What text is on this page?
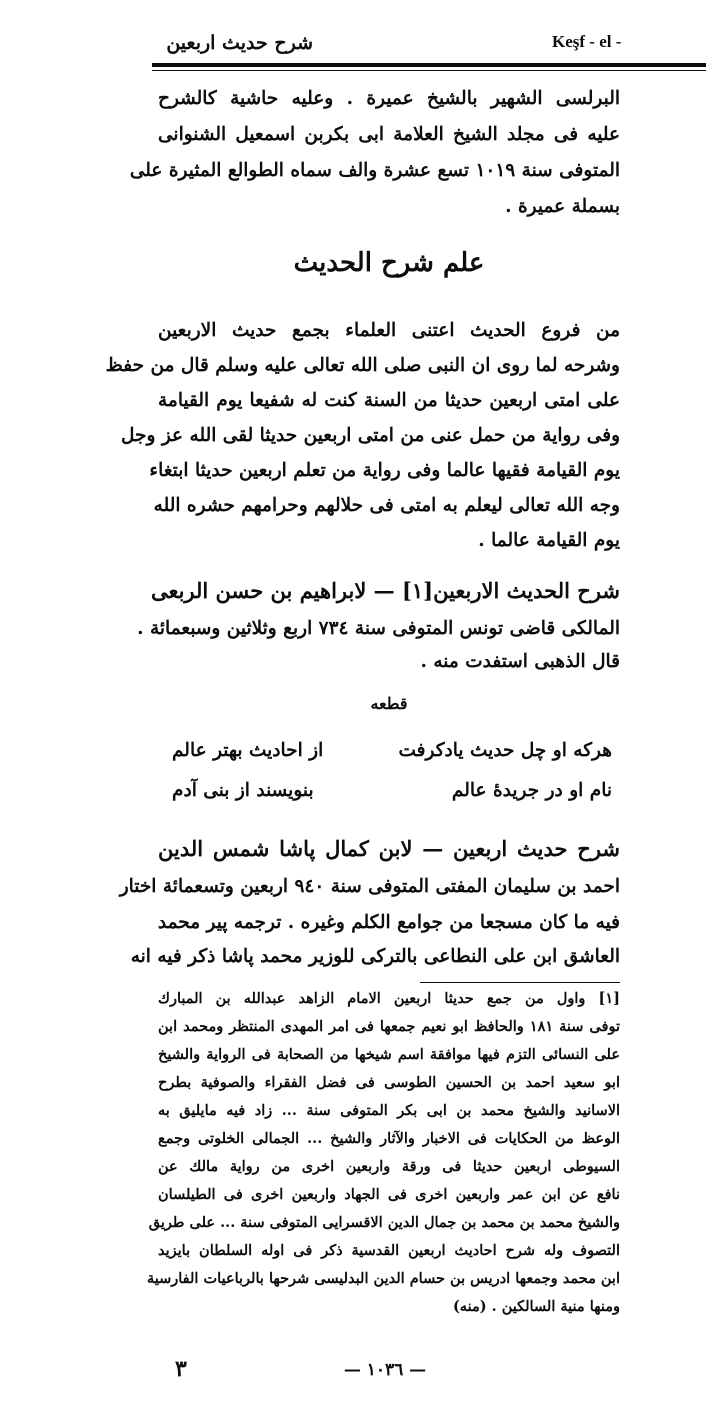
شرح حديث اربعين	Keşf - el -
البرلسى الشهير بالشيخ عميرة . وعليه حاشية كالشرح
عليه فى مجلد الشيخ العلامة ابى بكربن اسمعيل الشنوانى
المتوفى سنة ١٠١٩ تسع عشرة والف سماه الطوالع المثيرة على
بسملة عميرة .
علم شرح الحديث
من فروع الحديث اعتنى العلماء بجمع حديث الاربعين
وشرحه لما روى ان النبى صلى الله تعالى عليه وسلم قال من حفظ
على امتى اربعين حديثا من السنة كنت له شفيعا يوم القيامة
وفى رواية من حمل عنى من امتى اربعين حديثا لقى الله عز وجل
يوم القيامة فقيها عالما وفى رواية من تعلم اربعين حديثا ابتغاء
وجه الله تعالى ليعلم به امتى فى حلالهم وحرامهم حشره الله
يوم القيامة عالما .
شرح الحديث الاربعين[١] — لابراهيم بن حسن الربعى
المالكى قاضى تونس المتوفى سنة ٧٣٤ اربع وثلاثين وسبعمائة .
قال الذهبى استفدت منه .
قطعه
هركه او چل حديث يادكرفت
از احاديث بهتر عالم
نام او در جريدهٔ عالم
بنويسند از بنى آدم
شرح حديث اربعين — لابن كمال پاشا شمس الدين
احمد بن سليمان المفتى المتوفى سنة ٩٤٠ اربعين وتسعمائة اختار
فيه ما كان مسجعا من جوامع الكلم وغيره . ترجمه پير محمد
العاشق ابن على النطاعى بالتركى للوزير محمد پاشا ذكر فيه انه
[١] واول من جمع حديثا اربعين الامام الزاهد عبدالله بن المبارك
توفى سنة ١٨١ والحافظ ابو نعيم جمعها فى امر المهدى المنتظر ومحمد ابن
على النسائى التزم فيها موافقة اسم شيخها من الصحابة فى الرواية والشيخ
ابو سعيد احمد بن الحسين الطوسى فى فضل الفقراء والصوفية بطرح
الاسانيد والشيخ محمد بن ابى بكر المتوفى سنة ... زاد فيه مايليق به
الوعظ من الحكايات فى الاخبار والآثار والشيخ ... الجمالى الخلوتى وجمع
السيوطى اربعين حديثا فى ورقة واربعين اخرى من رواية مالك عن
نافع عن ابن عمر واربعين اخرى فى الجهاد واربعين اخرى فى الطيلسان
والشيخ محمد بن محمد بن جمال الدين الاقسرايى المتوفى سنة ... على طريق
التصوف وله شرح احاديث اربعين القدسية ذكر فى اوله السلطان بايزيد
ابن محمد وجمعها ادريس بن حسام الدين البدليسى شرحها بالرباعيات الفارسية
ومنها منية السالكين . (منه)
٣	— ١٠٣٦ —
